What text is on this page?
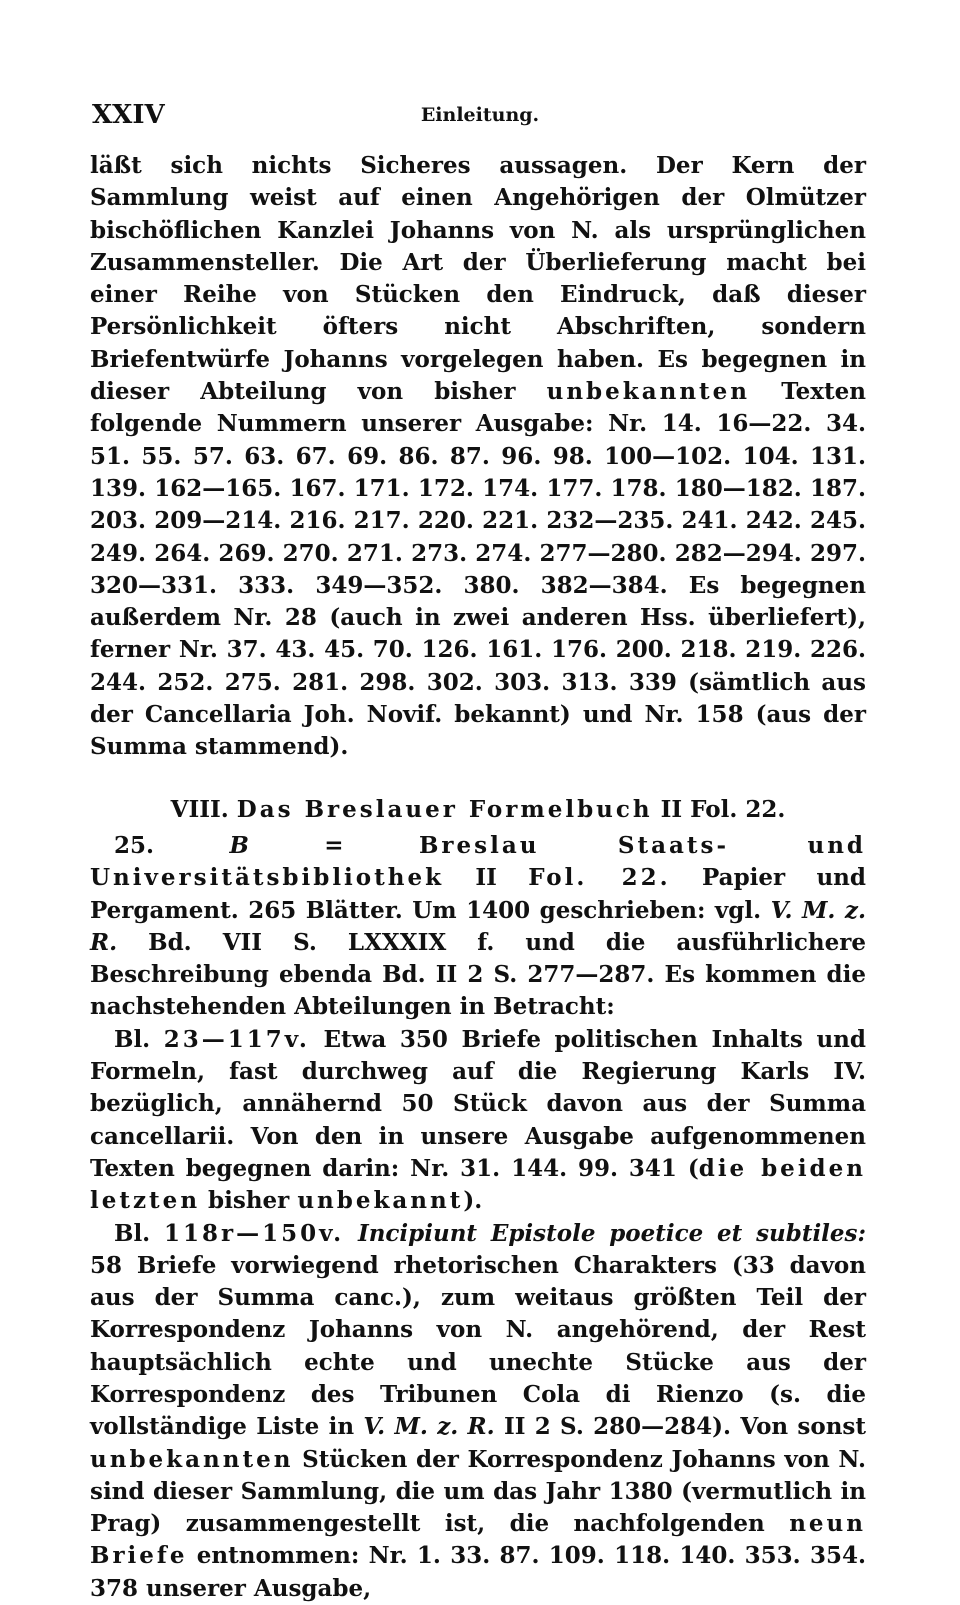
XXIV	Einleitung.

läßt sich nichts Sicheres aussagen. Der Kern der Sammlung weist auf einen Angehörigen der Olmützer bischöflichen Kanzlei Johanns von N. als ursprünglichen Zusammensteller. Die Art der Überlieferung macht bei einer Reihe von Stücken den Eindruck, daß dieser Persönlichkeit öfters nicht Abschriften, sondern Briefentwürfe Johanns vorgelegen haben. Es begegnen in dieser Abteilung von bisher unbekannten Texten folgende Nummern unserer Ausgabe: Nr. 14. 16—22. 34. 51. 55. 57. 63. 67. 69. 86. 87. 96. 98. 100—102. 104. 131. 139. 162—165. 167. 171. 172. 174. 177. 178. 180—182. 187. 203. 209—214. 216. 217. 220. 221. 232—235. 241. 242. 245. 249. 264. 269. 270. 271. 273. 274. 277—280. 282—294. 297. 320—331. 333. 349—352. 380. 382—384. Es begegnen außerdem Nr. 28 (auch in zwei anderen Hss. überliefert), ferner Nr. 37. 43. 45. 70. 126. 161. 176. 200. 218. 219. 226. 244. 252. 275. 281. 298. 302. 303. 313. 339 (sämtlich aus der Cancellaria Joh. Novif. bekannt) und Nr. 158 (aus der Summa stammend).

VIII. Das Breslauer Formelbuch II Fol. 22.

25. B = Breslau Staats- und Universitätsbibliothek II Fol. 22. Papier und Pergament. 265 Blätter. Um 1400 geschrieben: vgl. V. M. z. R. Bd. VII S. LXXXIX f. und die ausführlichere Beschreibung ebenda Bd. II 2 S. 277—287. Es kommen die nachstehenden Abteilungen in Betracht:

Bl. 23—117v. Etwa 350 Briefe politischen Inhalts und Formeln, fast durchweg auf die Regierung Karls IV. bezüglich, annähernd 50 Stück davon aus der Summa cancellarii. Von den in unsere Ausgabe aufgenommenen Texten begegnen darin: Nr. 31. 144. 99. 341 (die beiden letzten bisher unbekannt).

Bl. 118r—150v. Incipiunt Epistole poetice et subtiles: 58 Briefe vorwiegend rhetorischen Charakters (33 davon aus der Summa canc.), zum weitaus größten Teil der Korrespondenz Johanns von N. angehörend, der Rest hauptsächlich echte und unechte Stücke aus der Korrespondenz des Tribunen Cola di Rienzo (s. die vollständige Liste in V. M. z. R. II 2 S. 280—284). Von sonst unbekannten Stücken der Korrespondenz Johanns von N. sind dieser Sammlung, die um das Jahr 1380 (vermutlich in Prag) zusammengestellt ist, die nachfolgenden neun Briefe entnommen: Nr. 1. 33. 87. 109. 118. 140. 353. 354. 378 unserer Ausgabe,
